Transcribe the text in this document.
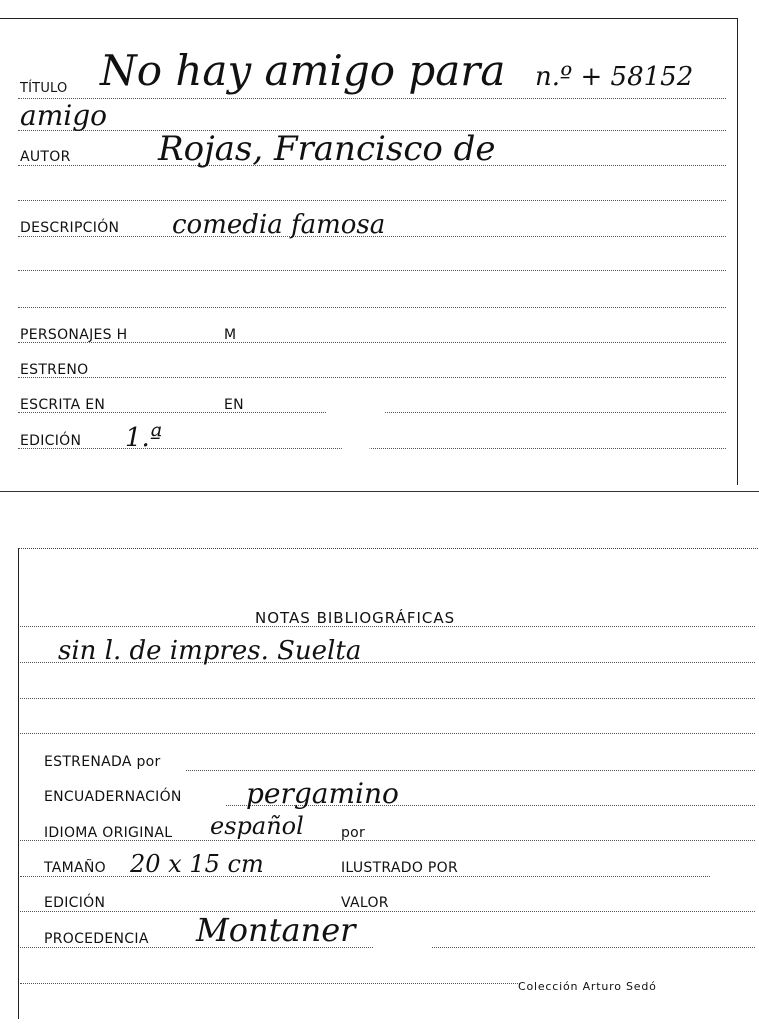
TÍTULO No hay amigo para n.º + 58152
amigo
AUTOR	Rojas, Francisco de
DESCRIPCIÓN comedia famosa
PERSONAJES H	M
ESTRENO
ESCRITA EN	EN
EDICIÓN 1.ª
NOTAS BIBLIOGRÁFICAS
sin l. de impres. Suelta
ESTRENADA por
ENCUADERNACIÓN pergamino
IDIOMA ORIGINAL español	por
TAMAÑO 20 x 15 cm	ILUSTRADO POR
EDICIÓN	VALOR
PROCEDENCIA Montaner
Colección Arturo Sedó
